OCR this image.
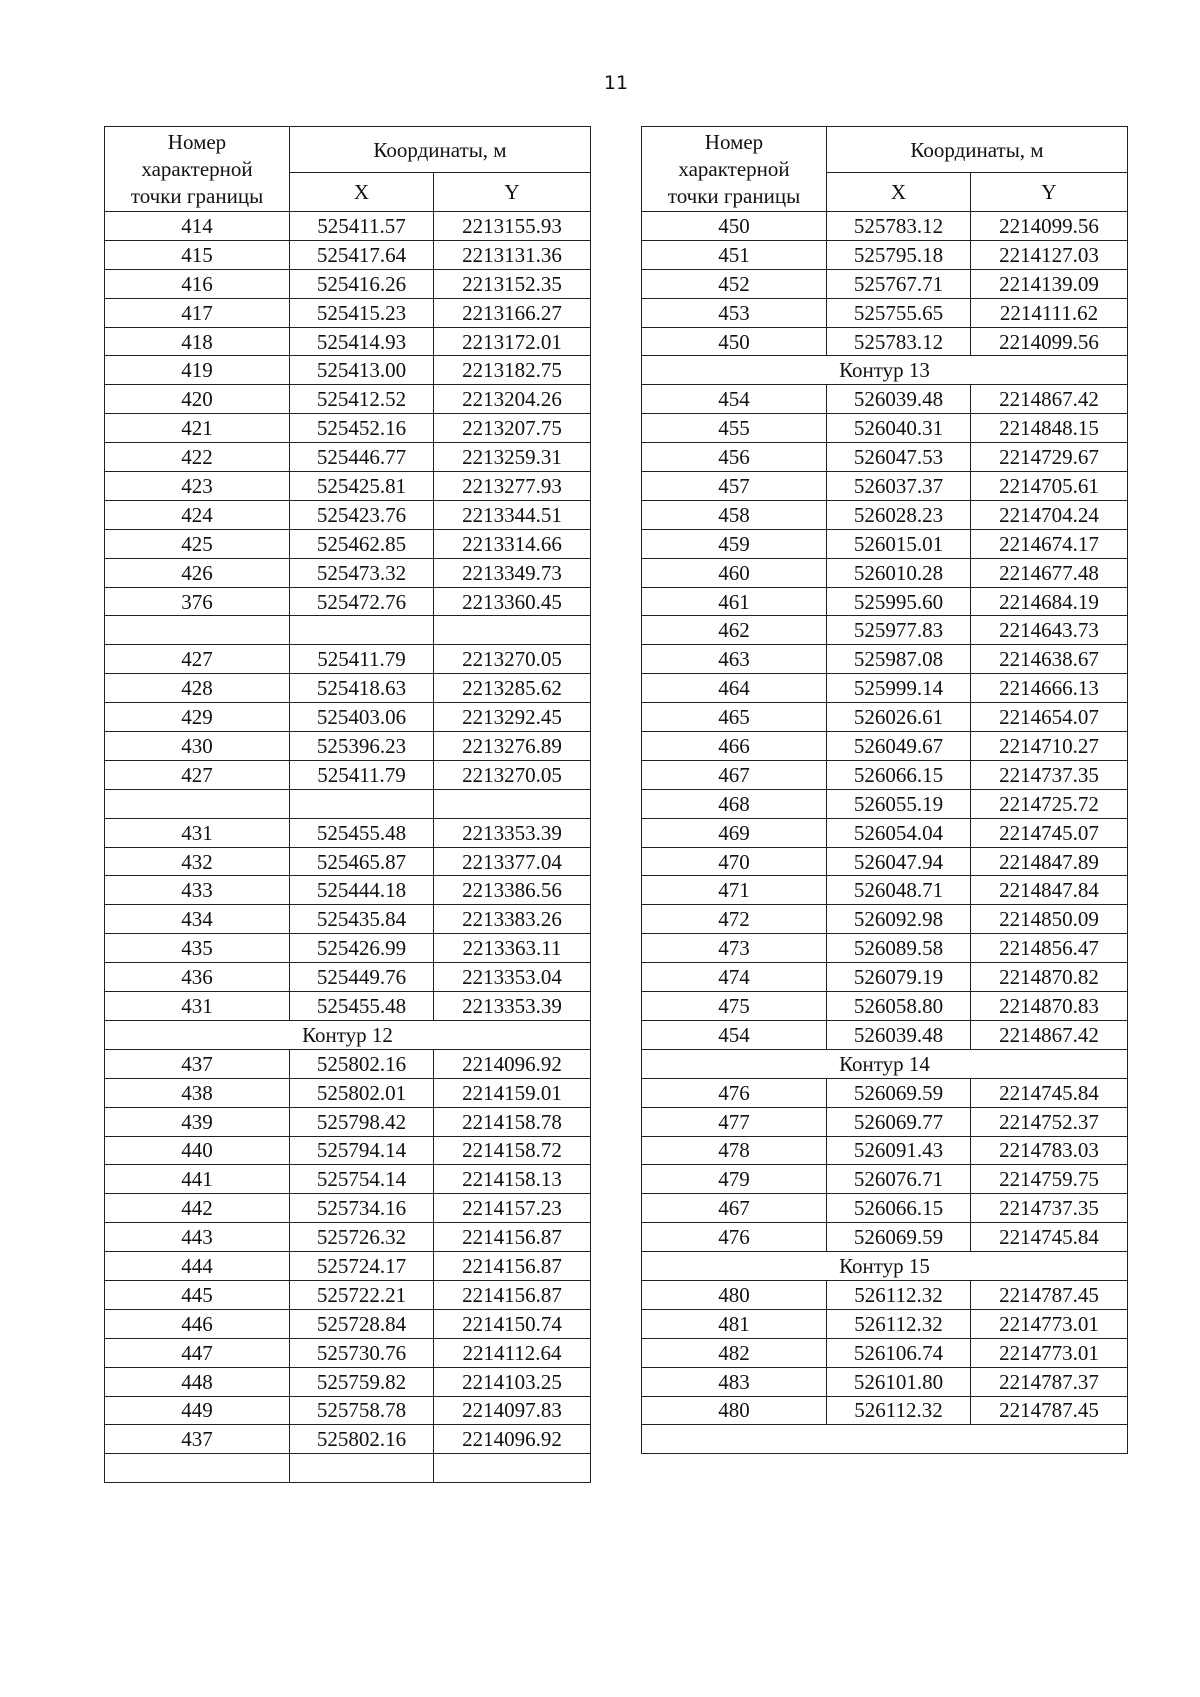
11
Номер
характерной
точки границы	Координаты, м	
	X	Y
414	525411.57	2213155.93
415	525417.64	2213131.36
416	525416.26	2213152.35
417	525415.23	2213166.27
418	525414.93	2213172.01
419	525413.00	2213182.75
420	525412.52	2213204.26
421	525452.16	2213207.75
422	525446.77	2213259.31
423	525425.81	2213277.93
424	525423.76	2213344.51
425	525462.85	2213314.66
426	525473.32	2213349.73
376	525472.76	2213360.45

427	525411.79	2213270.05
428	525418.63	2213285.62
429	525403.06	2213292.45
430	525396.23	2213276.89
427	525411.79	2213270.05

431	525455.48	2213353.39
432	525465.87	2213377.04
433	525444.18	2213386.56
434	525435.84	2213383.26
435	525426.99	2213363.11
436	525449.76	2213353.04
431	525455.48	2213353.39
Контур 12		
437	525802.16	2214096.92
438	525802.01	2214159.01
439	525798.42	2214158.78
440	525794.14	2214158.72
441	525754.14	2214158.13
442	525734.16	2214157.23
443	525726.32	2214156.87
444	525724.17	2214156.87
445	525722.21	2214156.87
446	525728.84	2214150.74
447	525730.76	2214112.64
448	525759.82	2214103.25
449	525758.78	2214097.83
437	525802.16	2214096.92

Номер
характерной
точки границы	Координаты, м	
	X	Y
450	525783.12	2214099.56
451	525795.18	2214127.03
452	525767.71	2214139.09
453	525755.65	2214111.62
450	525783.12	2214099.56
Контур 13		
454	526039.48	2214867.42
455	526040.31	2214848.15
456	526047.53	2214729.67
457	526037.37	2214705.61
458	526028.23	2214704.24
459	526015.01	2214674.17
460	526010.28	2214677.48
461	525995.60	2214684.19
462	525977.83	2214643.73
463	525987.08	2214638.67
464	525999.14	2214666.13
465	526026.61	2214654.07
466	526049.67	2214710.27
467	526066.15	2214737.35
468	526055.19	2214725.72
469	526054.04	2214745.07
470	526047.94	2214847.89
471	526048.71	2214847.84
472	526092.98	2214850.09
473	526089.58	2214856.47
474	526079.19	2214870.82
475	526058.80	2214870.83
454	526039.48	2214867.42
Контур 14		
476	526069.59	2214745.84
477	526069.77	2214752.37
478	526091.43	2214783.03
479	526076.71	2214759.75
467	526066.15	2214737.35
476	526069.59	2214745.84
Контур 15		
480	526112.32	2214787.45
481	526112.32	2214773.01
482	526106.74	2214773.01
483	526101.80	2214787.37
480	526112.32	2214787.45
